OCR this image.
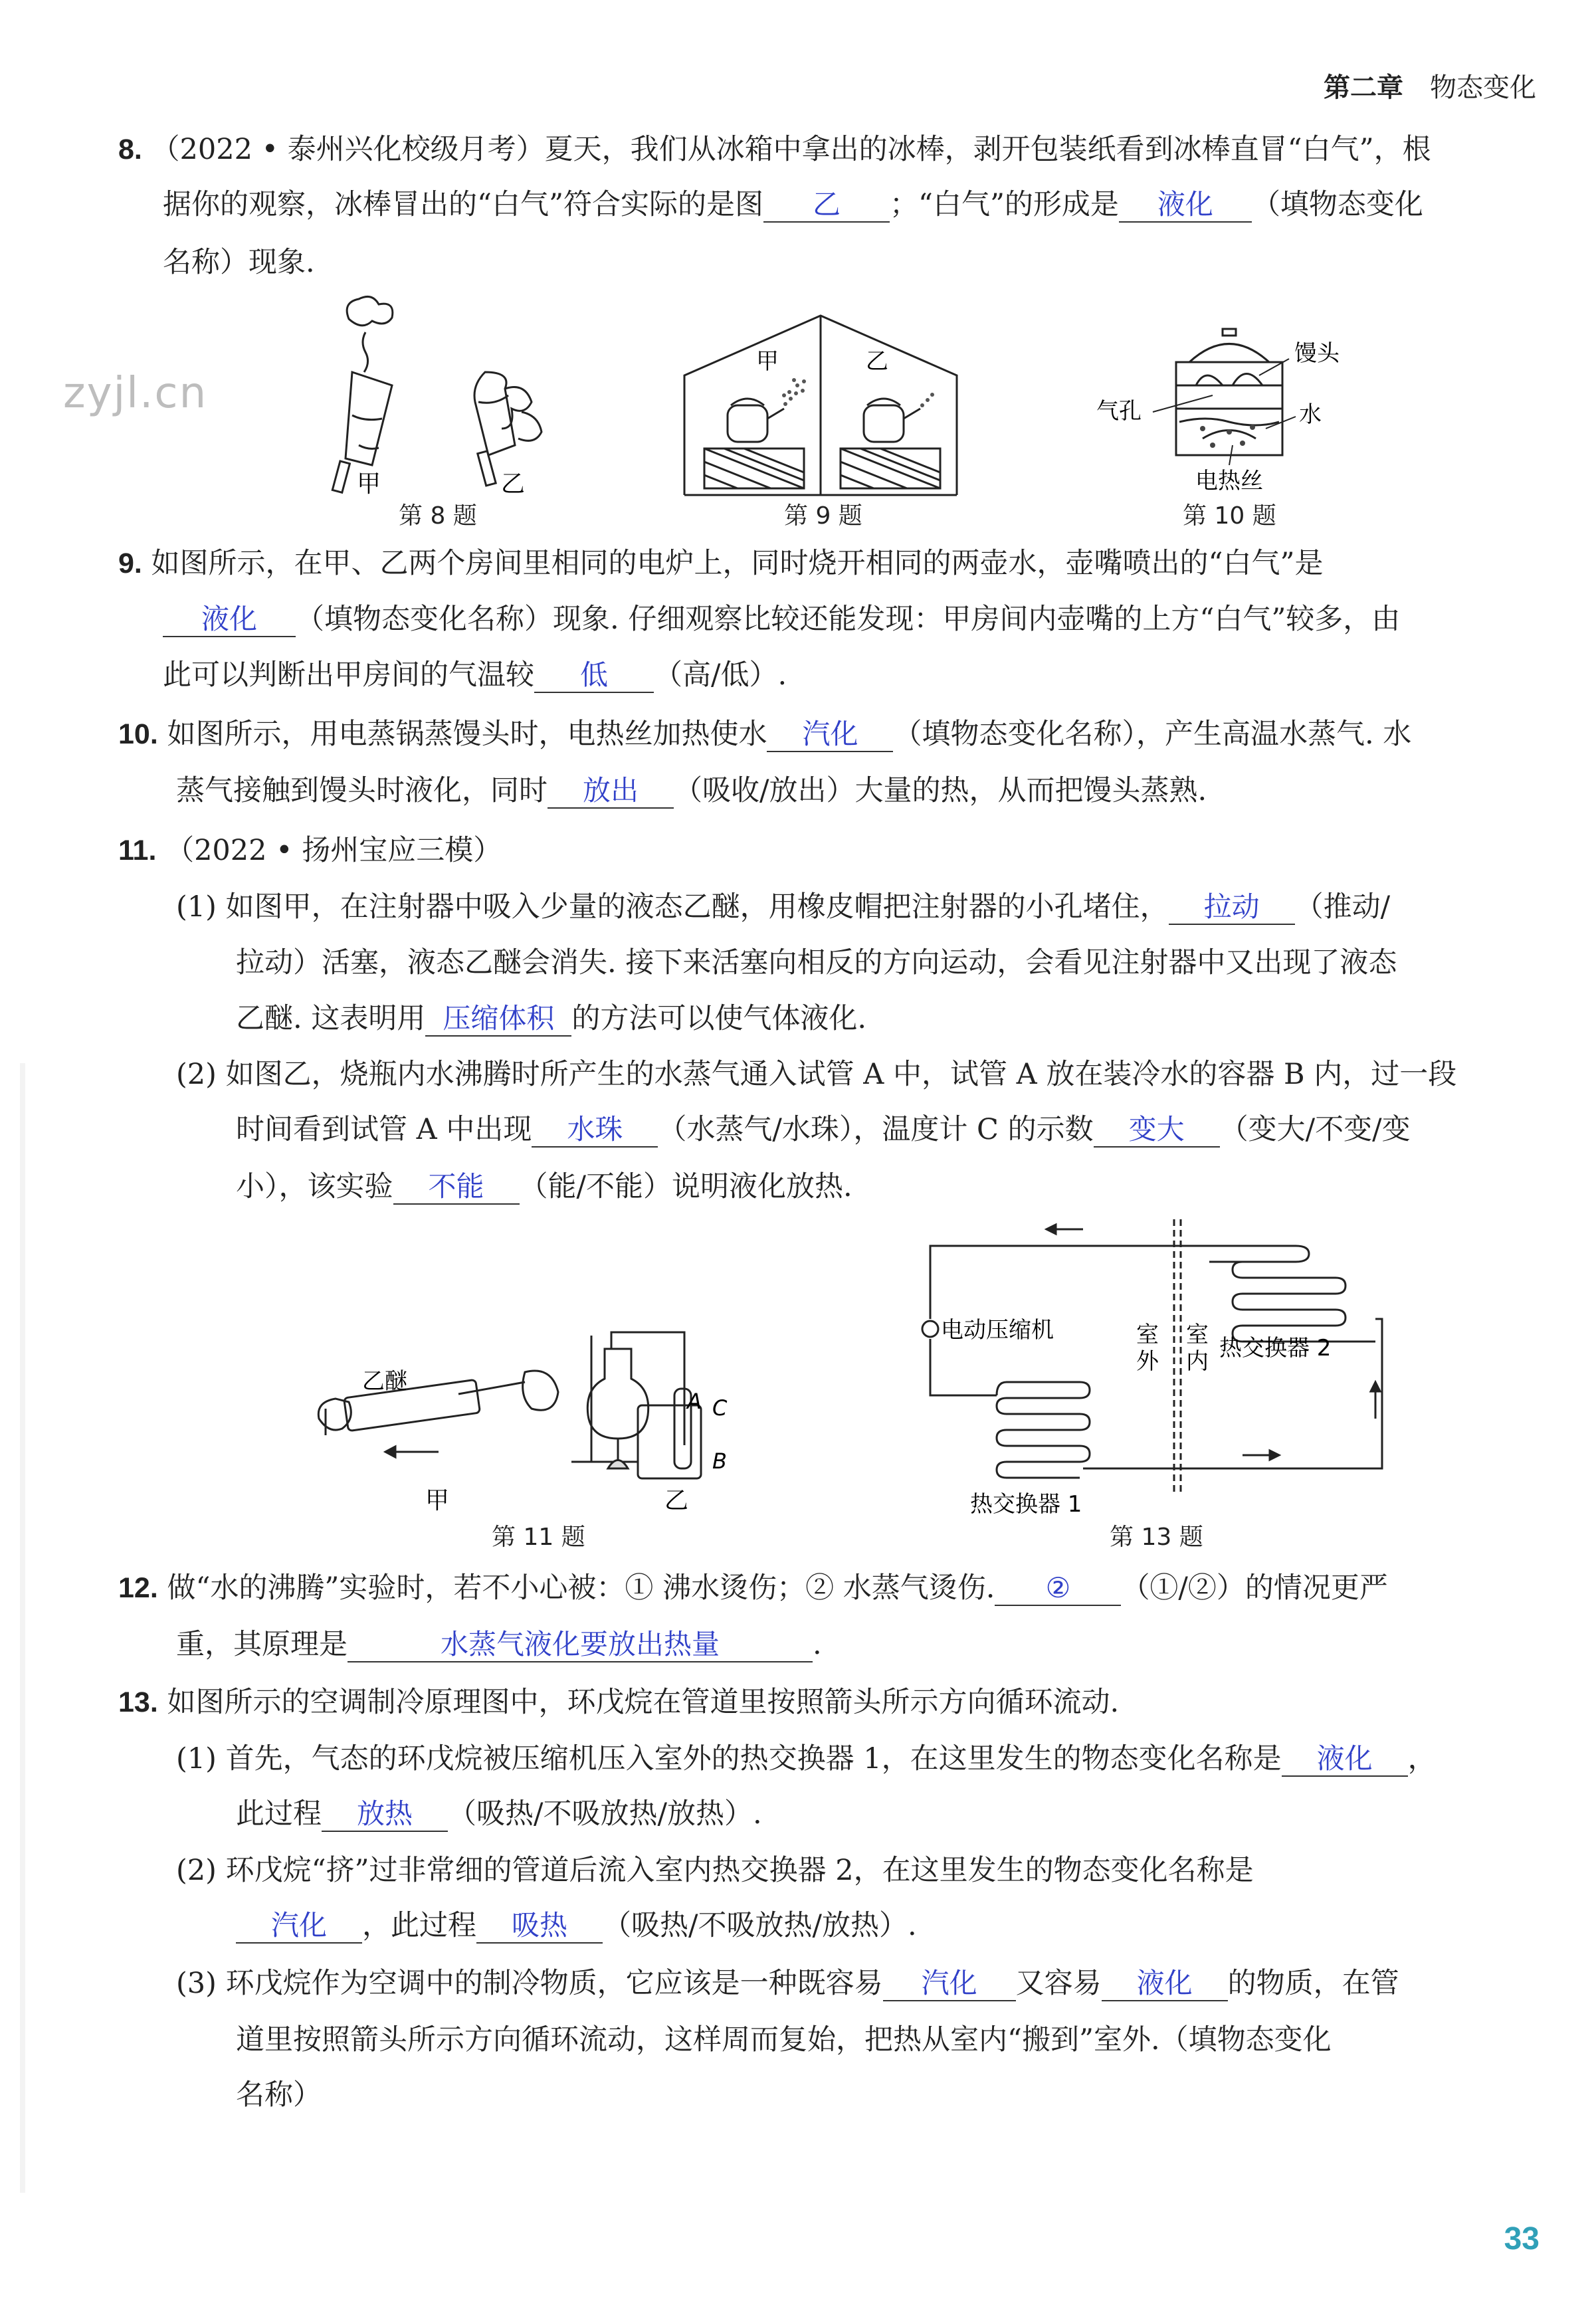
第二章 物态变化
zyjl.cn
8. （2022 • 泰州兴化校级月考）夏天，我们从冰箱中拿出的冰棒，剥开包装纸看到冰棒直冒“白气”，根
据你的观察，冰棒冒出的“白气”符合实际的是图 乙 ；“白气”的形成是 液化 （填物态变化
名称）现象.
甲	乙
第 8 题
甲	乙
第 9 题
馒头
气孔	水
电热丝
第 10 题
9. 如图所示，在甲、乙两个房间里相同的电炉上，同时烧开相同的两壶水，壶嘴喷出的“白气”是
液化 （填物态变化名称）现象. 仔细观察比较还能发现：甲房间内壶嘴的上方“白气”较多，由
此可以判断出甲房间的气温较 低 （高/低）.
10. 如图所示，用电蒸锅蒸馒头时，电热丝加热使水 汽化 （填物态变化名称），产生高温水蒸气. 水
蒸气接触到馒头时液化，同时 放出 （吸收/放出）大量的热，从而把馒头蒸熟.
11. （2022 • 扬州宝应三模）
(1) 如图甲，在注射器中吸入少量的液态乙醚，用橡皮帽把注射器的小孔堵住， 拉动 （推动/
拉动）活塞，液态乙醚会消失. 接下来活塞向相反的方向运动，会看见注射器中又出现了液态
乙醚. 这表明用 压缩体积 的方法可以使气体液化.
(2) 如图乙，烧瓶内水沸腾时所产生的水蒸气通入试管 A 中，试管 A 放在装冷水的容器 B 内，过一段
时间看到试管 A 中出现 水珠 （水蒸气/水珠），温度计 C 的示数 变大 （变大/不变/变
小），该实验 不能 （能/不能）说明液化放热.
乙醚
甲
A C
B
乙
第 11 题
电动压缩机	室
外
室
内 热交换器 2
热交换器 1
第 13 题
12. 做“水的沸腾”实验时，若不小心被：① 沸水烫伤；② 水蒸气烫伤. ② （①/②）的情况更严
重，其原理是	水蒸气液化要放出热量	.
13. 如图所示的空调制冷原理图中，环戊烷在管道里按照箭头所示方向循环流动.
(1) 首先，气态的环戊烷被压缩机压入室外的热交换器 1，在这里发生的物态变化名称是 液化 ，
此过程 放热 （吸热/不吸放热/放热）.
(2) 环戊烷“挤”过非常细的管道后流入室内热交换器 2，在这里发生的物态变化名称是
汽化 ，此过程 吸热 （吸热/不吸放热/放热）.
(3) 环戊烷作为空调中的制冷物质，它应该是一种既容易 汽化 又容易 液化 的物质，在管
道里按照箭头所示方向循环流动，这样周而复始，把热从室内“搬到”室外.（填物态变化
名称）
33
